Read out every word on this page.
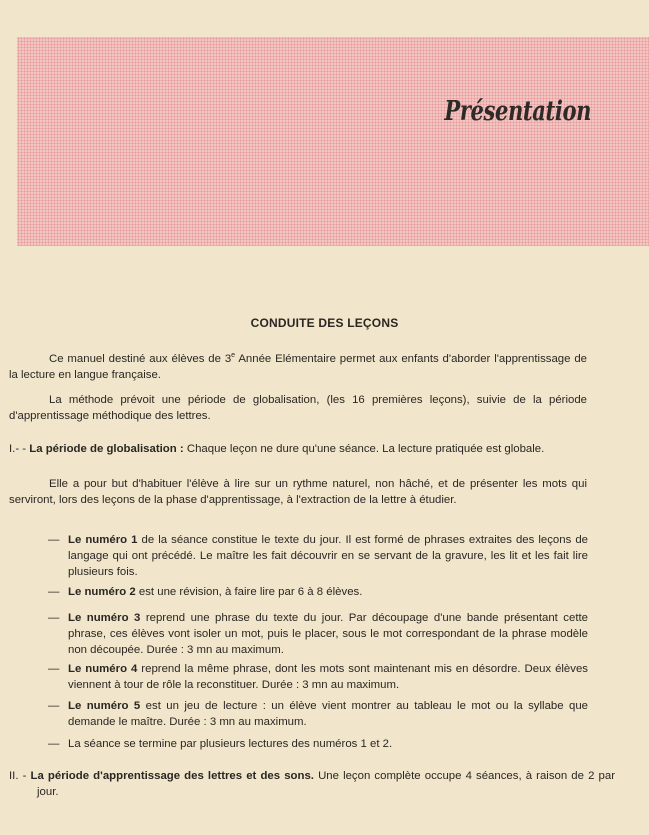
Présentation
CONDUITE DES LEÇONS
Ce manuel destiné aux élèves de 3e Année Elémentaire permet aux enfants d'aborder l'apprentissage de la lecture en langue française.
La méthode prévoit une période de globalisation, (les 16 premières leçons), suivie de la période d'apprentissage méthodique des lettres.
I.- - La période de globalisation : Chaque leçon ne dure qu'une séance. La lecture pratiquée est globale.
Elle a pour but d'habituer l'élève à lire sur un rythme naturel, non hâché, et de présenter les mots qui serviront, lors des leçons de la phase d'apprentissage, à l'extraction de la lettre à étudier.
— Le numéro 1 de la séance constitue le texte du jour. Il est formé de phrases extraites des leçons de langage qui ont précédé. Le maître les fait découvrir en se servant de la gravure, les lit et les fait lire plusieurs fois.
— Le numéro 2 est une révision, à faire lire par 6 à 8 élèves.
— Le numéro 3 reprend une phrase du texte du jour. Par découpage d'une bande présentant cette phrase, ces élèves vont isoler un mot, puis le placer, sous le mot correspondant de la phrase modèle non découpée. Durée : 3 mn au maximum.
— Le numéro 4 reprend la même phrase, dont les mots sont maintenant mis en désordre. Deux élèves viennent à tour de rôle la reconstituer. Durée : 3 mn au maximum.
— Le numéro 5 est un jeu de lecture : un élève vient montrer au tableau le mot ou la syllabe que demande le maître. Durée : 3 mn au maximum.
— La séance se termine par plusieurs lectures des numéros 1 et 2.
II. - La période d'apprentissage des lettres et des sons. Une leçon complète occupe 4 séances, à raison de 2 par jour.
